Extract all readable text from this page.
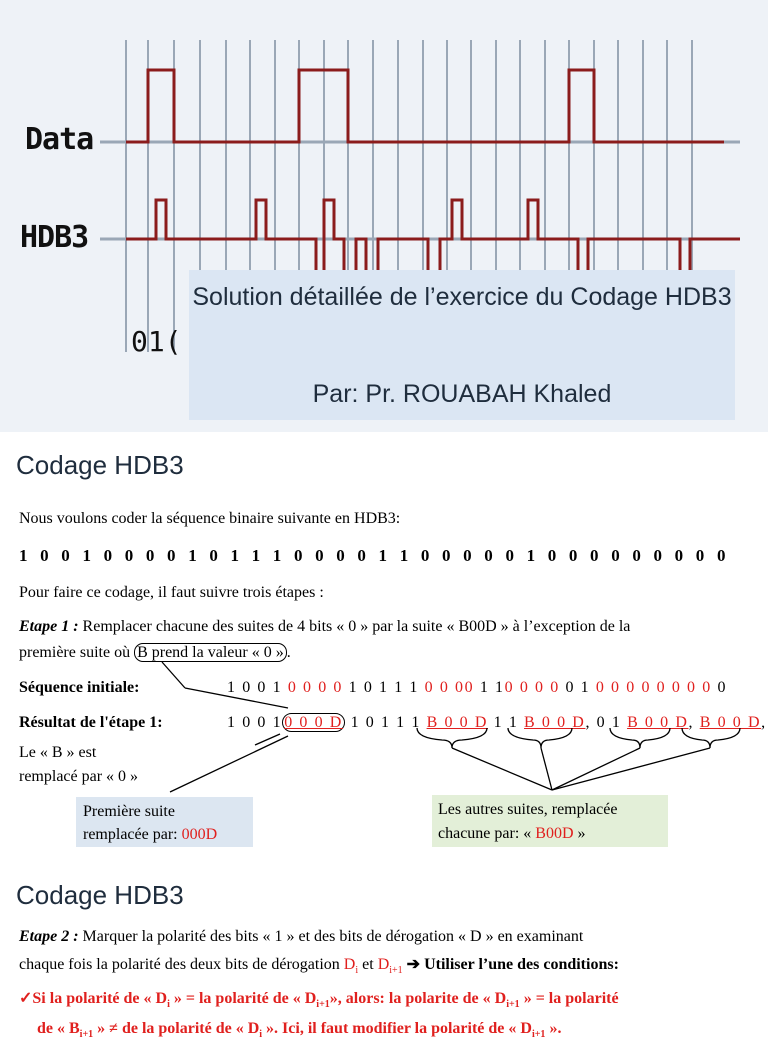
Data
HDB3
01(
Solution détaillée de l’exercice du Codage HDB3
Par: Pr. ROUABAH Khaled
Codage HDB3
Nous voulons coder la séquence binaire suivante en HDB3:
1 0 0 1 0 0 0 0 1 0 1 1 1 0 0 0 0 1 1 0 0 0 0 0 1 0 0 0 0 0 0 0 0 0
Pour faire ce codage, il faut suivre trois étapes :
Etape 1 : Remplacer chacune des suites de 4 bits « 0 » par la suite « B00D » à l’exception de la
première suite où B prend la valeur « 0 » .
Séquence initiale:	1 0 0 1 0 0 0 0 1 0 1 1 1 0 0 00 1 10 0 0 0 0 1 0 0 0 0 0 0 0 0 0
Résultat de l'étape 1:	1 0 0 1 0 0 0 D 1 0 1 1 1 B 0 0 D 1 1 B 0 0 D, 0 1 B 0 0 D, B 0 0 D,
Le « B » est
remplacé par « 0 »
Première suite
remplacée par: 000D
Les autres suites, remplacée
chacune par: « B00D »
Codage HDB3
Etape 2 : Marquer la polarité des bits « 1 » et des bits de dérogation « D » en examinant
chaque fois la polarité des deux bits de dérogation $D_i$ et $D_{i+1}$ ➔ Utiliser l’une des conditions:
✓Si la polarité de « $D_i$ » = la polarité de « $D_{i+1}$», alors: la polarite de « $D_{i+1}$ » = la polarité
de « $B_{i+1}$ » ≠ de la polarité de « $D_i$ ». Ici, il faut modifier la polarité de « $D_{i+1}$ ».
